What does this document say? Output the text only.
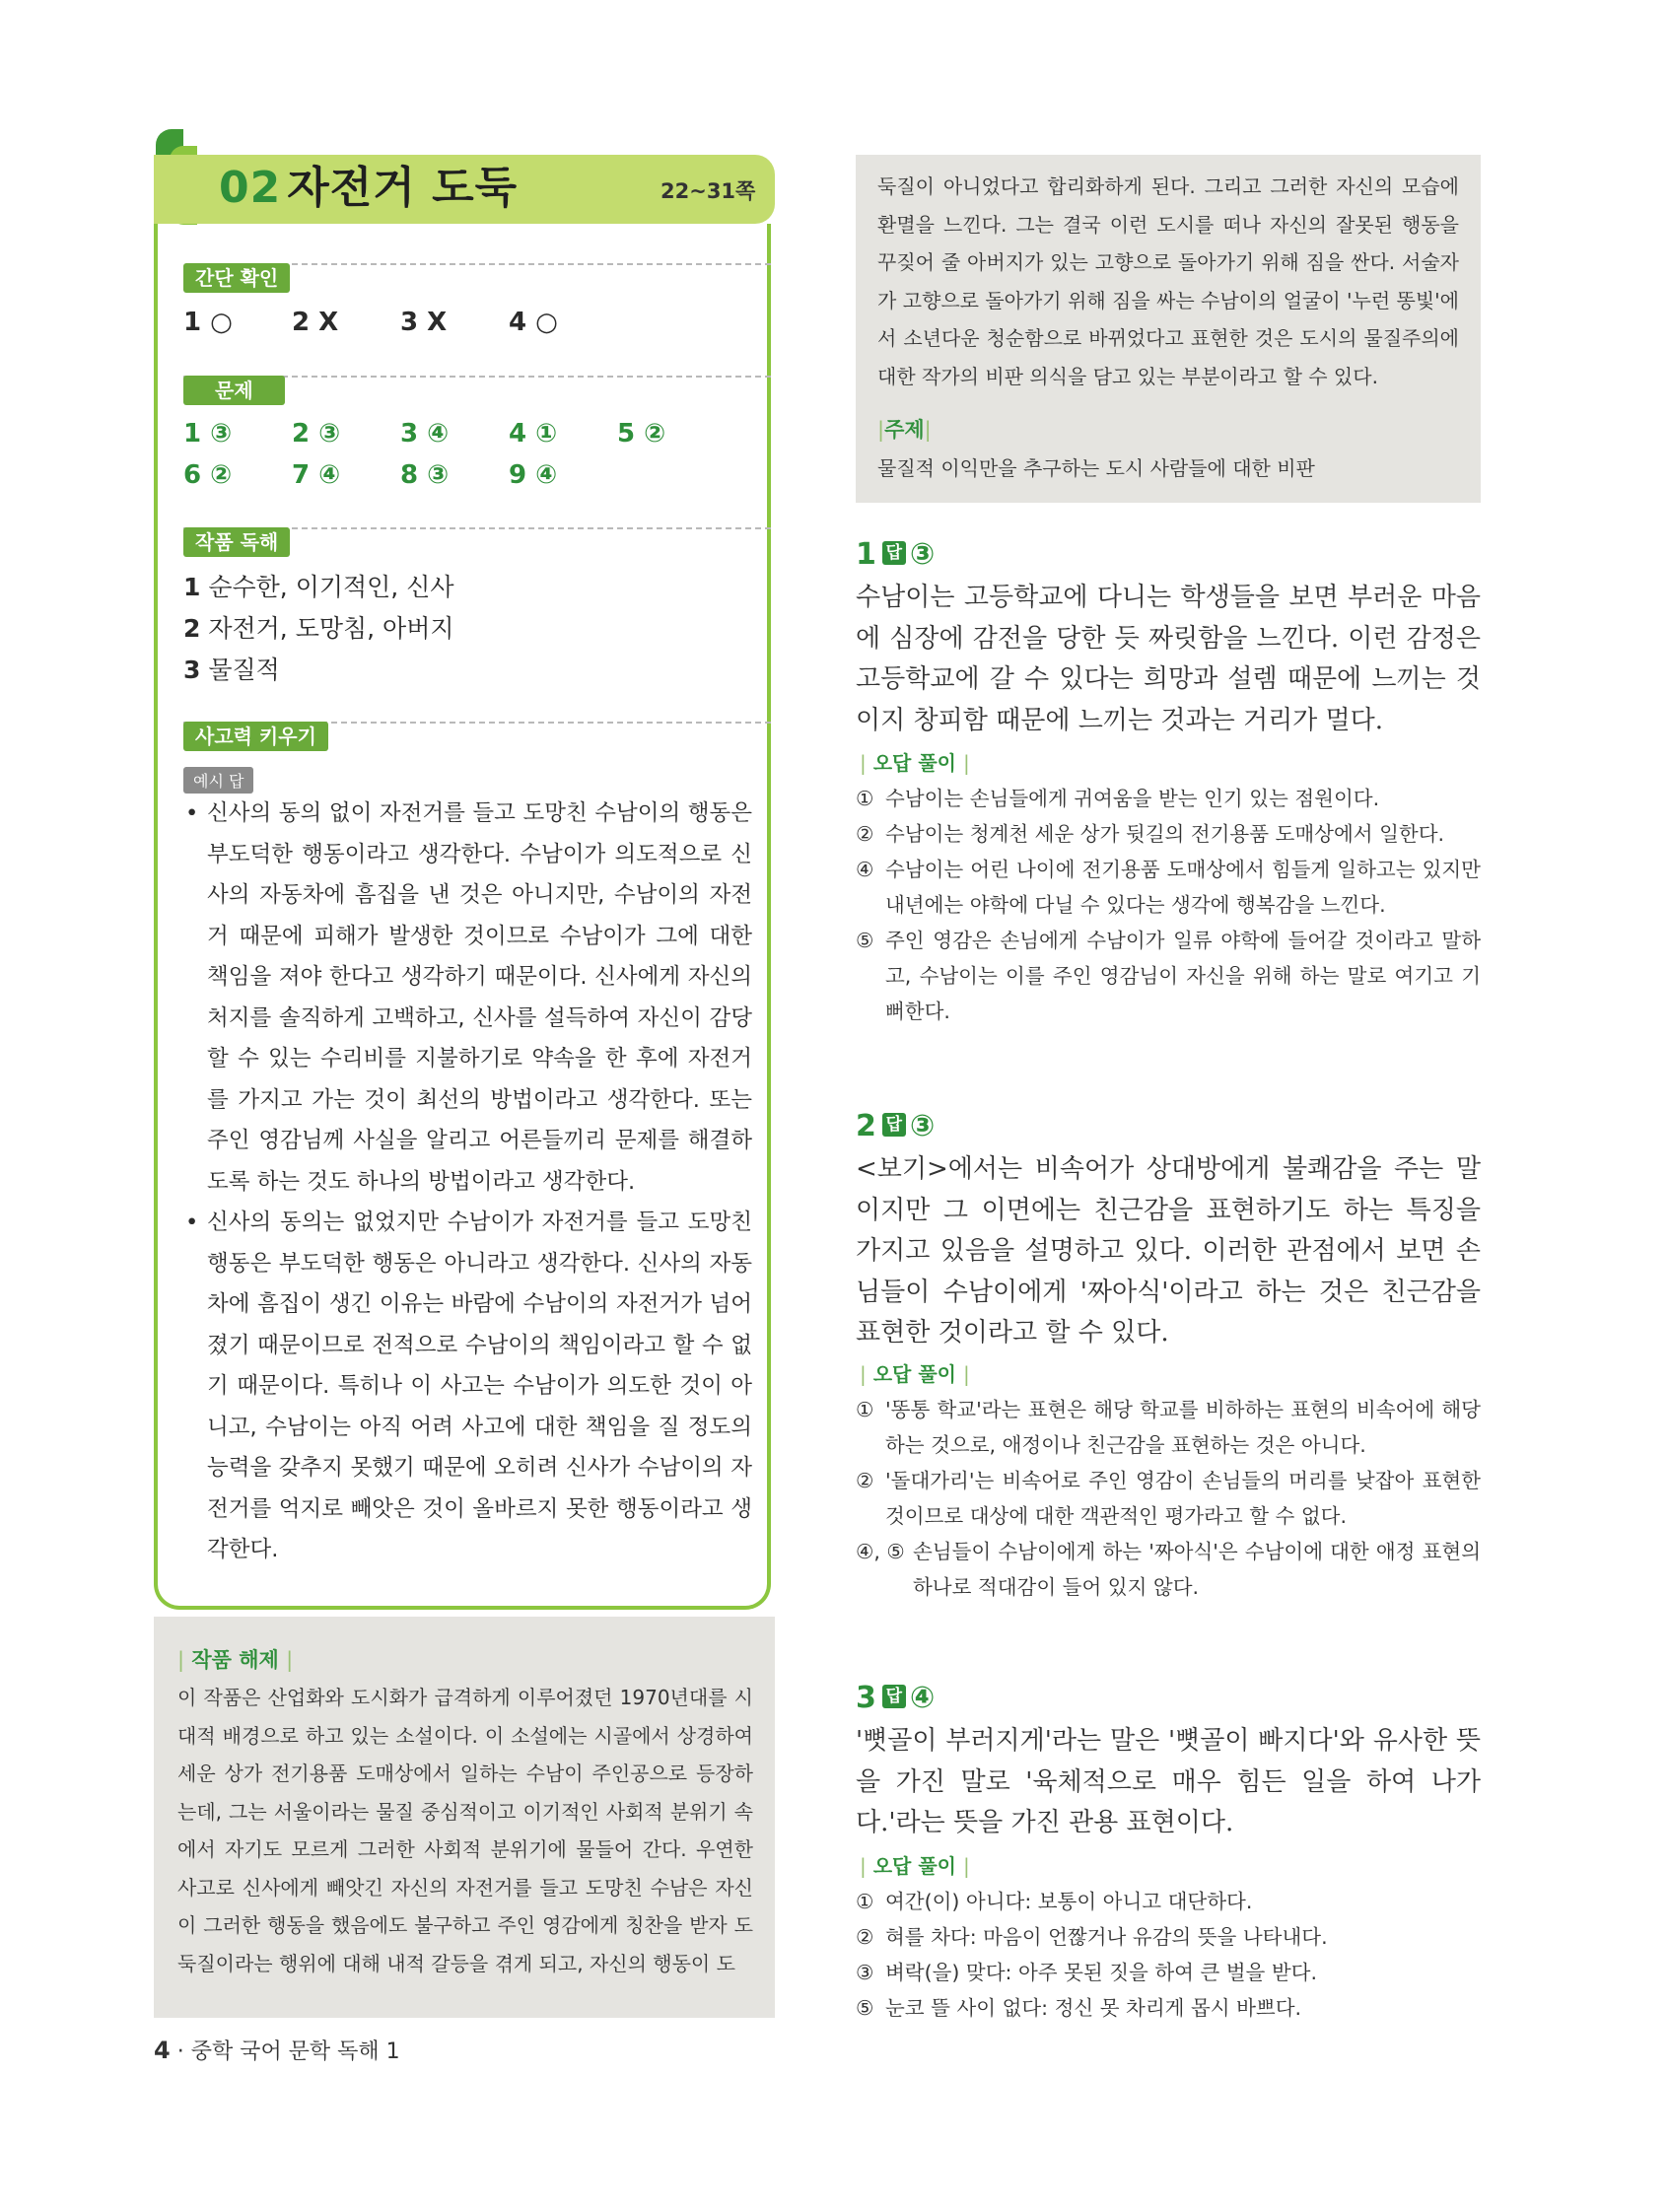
02 자전거 도둑	22~31쪽
간단 확인
1 ○ 2 X 3 X 4 ○
문제
1 ③ 2 ③ 3 ④ 4 ① 5 ②
6 ② 7 ④ 8 ③ 9 ④
작품 독해
1 순수한, 이기적인, 신사
2 자전거, 도망침, 아버지
3 물질적
사고력 키우기
예시 답
• 신사의 동의 없이 자전거를 들고 도망친 수남이의 행동은 부도덕한 행동이라고 생각한다. 수남이가 의도적으로 신사의 자동차에 흠집을 낸 것은 아니지만, 수남이의 자전거 때문에 피해가 발생한 것이므로 수남이가 그에 대한 책임을 져야 한다고 생각하기 때문이다. 신사에게 자신의 처지를 솔직하게 고백하고, 신사를 설득하여 자신이 감당할 수 있는 수리비를 지불하기로 약속을 한 후에 자전거를 가지고 가는 것이 최선의 방법이라고 생각한다. 또는 주인 영감님께 사실을 알리고 어른들끼리 문제를 해결하도록 하는 것도 하나의 방법이라고 생각한다.
• 신사의 동의는 없었지만 수남이가 자전거를 들고 도망친 행동은 부도덕한 행동은 아니라고 생각한다. 신사의 자동차에 흠집이 생긴 이유는 바람에 수남이의 자전거가 넘어졌기 때문이므로 전적으로 수남이의 책임이라고 할 수 없기 때문이다. 특히나 이 사고는 수남이가 의도한 것이 아니고, 수남이는 아직 어려 사고에 대한 책임을 질 정도의 능력을 갖추지 못했기 때문에 오히려 신사가 수남이의 자전거를 억지로 빼앗은 것이 올바르지 못한 행동이라고 생각한다.
| 작품 해제 |
이 작품은 산업화와 도시화가 급격하게 이루어졌던 1970년대를 시대적 배경으로 하고 있는 소설이다. 이 소설에는 시골에서 상경하여 세운 상가 전기용품 도매상에서 일하는 수남이 주인공으로 등장하는데, 그는 서울이라는 물질 중심적이고 이기적인 사회적 분위기 속에서 자기도 모르게 그러한 사회적 분위기에 물들어 간다. 우연한 사고로 신사에게 빼앗긴 자신의 자전거를 들고 도망친 수남은 자신이 그러한 행동을 했음에도 불구하고 주인 영감에게 칭찬을 받자 도둑질이라는 행위에 대해 내적 갈등을 겪게 되고, 자신의 행동이 도
둑질이 아니었다고 합리화하게 된다. 그리고 그러한 자신의 모습에 환멸을 느낀다. 그는 결국 이런 도시를 떠나 자신의 잘못된 행동을 꾸짖어 줄 아버지가 있는 고향으로 돌아가기 위해 짐을 싼다. 서술자가 고향으로 돌아가기 위해 짐을 싸는 수남이의 얼굴이 '누런 똥빛'에서 소년다운 청순함으로 바뀌었다고 표현한 것은 도시의 물질주의에 대한 작가의 비판 의식을 담고 있는 부분이라고 할 수 있다.
|주제|
물질적 이익만을 추구하는 도시 사람들에 대한 비판
1 답 ③
수남이는 고등학교에 다니는 학생들을 보면 부러운 마음에 심장에 감전을 당한 듯 짜릿함을 느낀다. 이런 감정은 고등학교에 갈 수 있다는 희망과 설렘 때문에 느끼는 것이지 창피함 때문에 느끼는 것과는 거리가 멀다.
| 오답 풀이 |
① 수남이는 손님들에게 귀여움을 받는 인기 있는 점원이다.
② 수남이는 청계천 세운 상가 뒷길의 전기용품 도매상에서 일한다.
④ 수남이는 어린 나이에 전기용품 도매상에서 힘들게 일하고는 있지만 내년에는 야학에 다닐 수 있다는 생각에 행복감을 느낀다.
⑤ 주인 영감은 손님에게 수남이가 일류 야학에 들어갈 것이라고 말하고, 수남이는 이를 주인 영감님이 자신을 위해 하는 말로 여기고 기뻐한다.
2 답 ③
<보기>에서는 비속어가 상대방에게 불쾌감을 주는 말이지만 그 이면에는 친근감을 표현하기도 하는 특징을 가지고 있음을 설명하고 있다. 이러한 관점에서 보면 손님들이 수남이에게 '짜아식'이라고 하는 것은 친근감을 표현한 것이라고 할 수 있다.
| 오답 풀이 |
① '똥통 학교'라는 표현은 해당 학교를 비하하는 표현의 비속어에 해당하는 것으로, 애정이나 친근감을 표현하는 것은 아니다.
② '돌대가리'는 비속어로 주인 영감이 손님들의 머리를 낮잡아 표현한 것이므로 대상에 대한 객관적인 평가라고 할 수 없다.
④, ⑤ 손님들이 수남이에게 하는 '짜아식'은 수남이에 대한 애정 표현의 하나로 적대감이 들어 있지 않다.
3 답 ④
'뼛골이 부러지게'라는 말은 '뼛골이 빠지다'와 유사한 뜻을 가진 말로 '육체적으로 매우 힘든 일을 하여 나가다.'라는 뜻을 가진 관용 표현이다.
| 오답 풀이 |
① 여간(이) 아니다: 보통이 아니고 대단하다.
② 혀를 차다: 마음이 언짢거나 유감의 뜻을 나타내다.
③ 벼락(을) 맞다: 아주 못된 짓을 하여 큰 벌을 받다.
⑤ 눈코 뜰 사이 없다: 정신 못 차리게 몹시 바쁘다.
4 · 중학 국어 문학 독해 1
